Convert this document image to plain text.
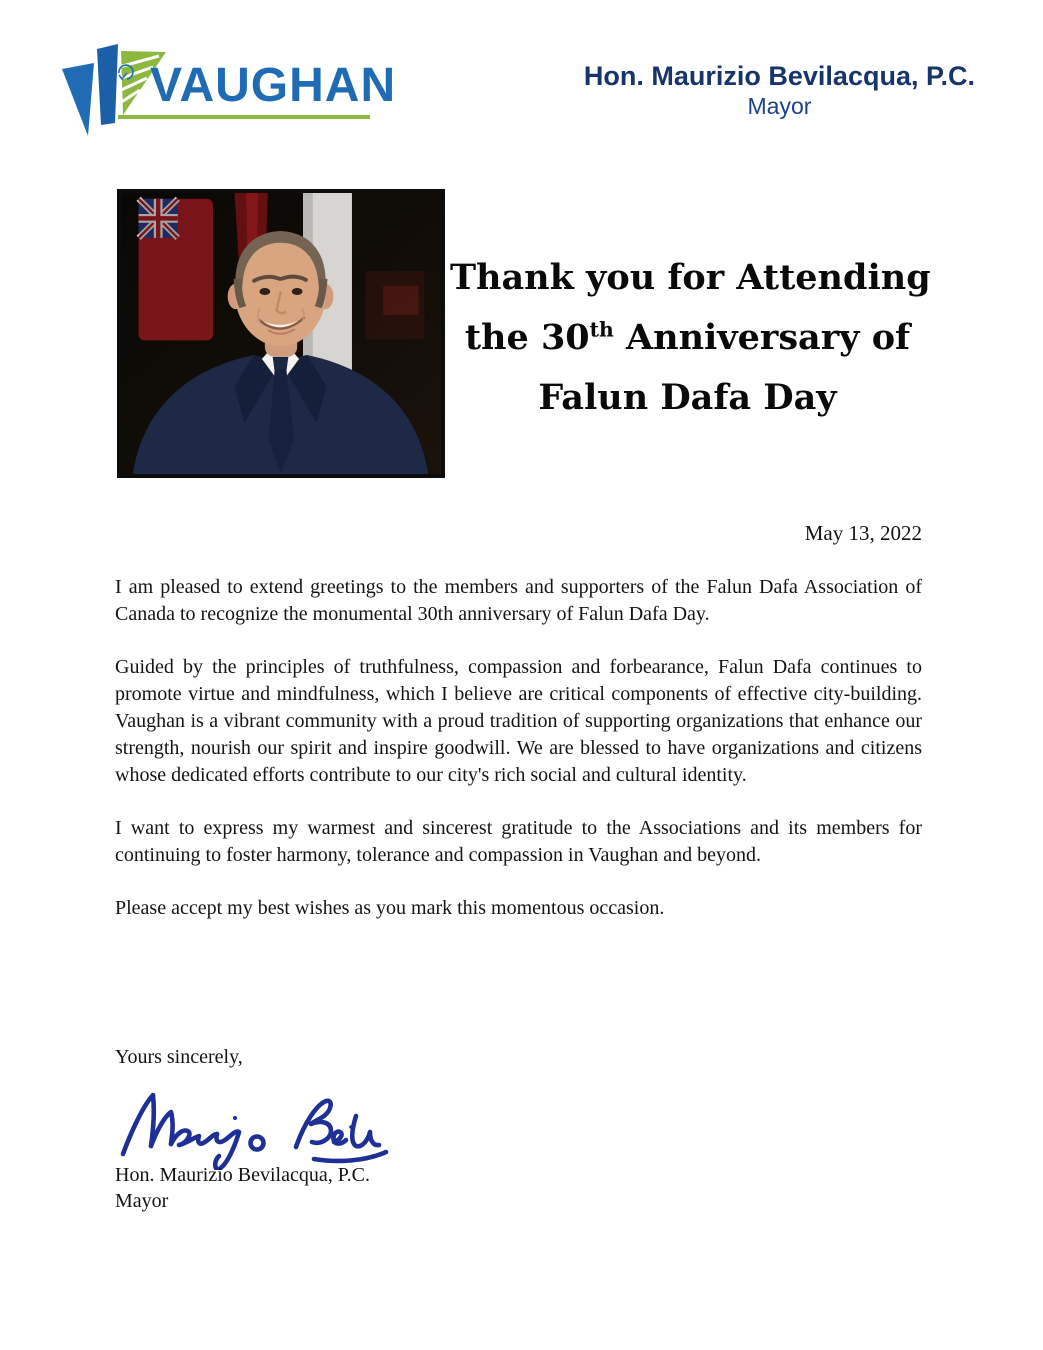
VAUGHAN	Hon. Maurizio Bevilacqua, P.C.
Mayor
Thank you for Attending
the 30th Anniversary of
Falun Dafa Day
May 13, 2022

I am pleased to extend greetings to the members and supporters of the Falun Dafa Association of Canada to recognize the monumental 30th anniversary of Falun Dafa Day.

Guided by the principles of truthfulness, compassion and forbearance, Falun Dafa continues to promote virtue and mindfulness, which I believe are critical components of effective city-building. Vaughan is a vibrant community with a proud tradition of supporting organizations that enhance our strength, nourish our spirit and inspire goodwill. We are blessed to have organizations and citizens whose dedicated efforts contribute to our city's rich social and cultural identity.

I want to express my warmest and sincerest gratitude to the Associations and its members for continuing to foster harmony, tolerance and compassion in Vaughan and beyond.

Please accept my best wishes as you mark this momentous occasion.

Yours sincerely,
Hon. Maurizio Bevilacqua, P.C.
Mayor
